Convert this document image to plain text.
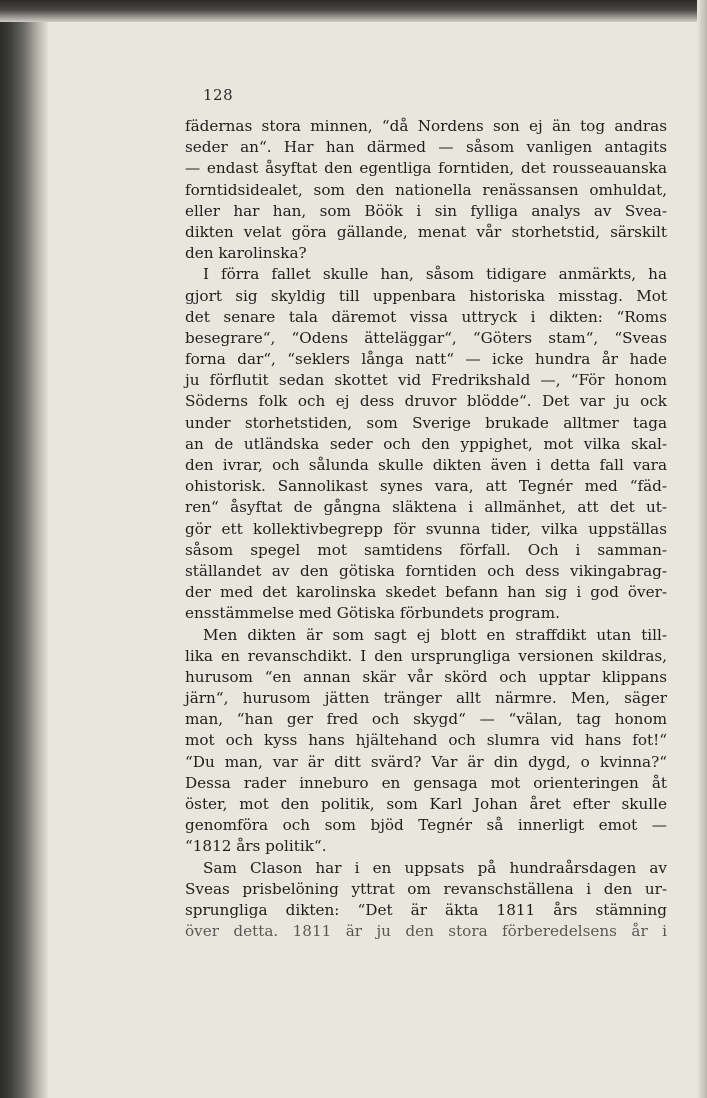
128
fädernas stora minnen, “då Nordens son ej än tog andras
seder an“. Har han därmed — såsom vanligen antagits
— endast åsyftat den egentliga forntiden, det rousseauanska
forntidsidealet, som den nationella renässansen omhuldat,
eller har han, som Böök i sin fylliga analys av Svea-
dikten velat göra gällande, menat vår storhetstid, särskilt
den karolinska?
I förra fallet skulle han, såsom tidigare anmärkts, ha
gjort sig skyldig till uppenbara historiska misstag. Mot
det senare tala däremot vissa uttryck i dikten: “Roms
besegrare“, “Odens ätteläggar“, “Göters stam“, “Sveas
forna dar“, “seklers långa natt“ — icke hundra år hade
ju förflutit sedan skottet vid Fredrikshald —, “För honom
Söderns folk och ej dess druvor blödde“. Det var ju ock
under storhetstiden, som Sverige brukade alltmer taga
an de utländska seder och den yppighet, mot vilka skal-
den ivrar, och sålunda skulle dikten även i detta fall vara
ohistorisk. Sannolikast synes vara, att Tegnér med “fäd-
ren“ åsyftat de gångna släktena i allmänhet, att det ut-
gör ett kollektivbegrepp för svunna tider, vilka uppställas
såsom spegel mot samtidens förfall. Och i samman-
ställandet av den götiska forntiden och dess vikingabrag-
der med det karolinska skedet befann han sig i god över-
ensstämmelse med Götiska förbundets program.
Men dikten är som sagt ej blott en straffdikt utan till-
lika en revanschdikt. I den ursprungliga versionen skildras,
hurusom “en annan skär vår skörd och upptar klippans
järn“, hurusom jätten tränger allt närmre. Men, säger
man, “han ger fred och skygd“ — “välan, tag honom
mot och kyss hans hjältehand och slumra vid hans fot!“
“Du man, var är ditt svärd? Var är din dygd, o kvinna?“
Dessa rader inneburo en gensaga mot orienteringen åt
öster, mot den politik, som Karl Johan året efter skulle
genomföra och som bjöd Tegnér så innerligt emot —
“1812 års politik“.
Sam Clason har i en uppsats på hundraårsdagen av
Sveas prisbelöning yttrat om revanschställena i den ur-
sprungliga dikten: “Det är äkta 1811 års stämning
över detta. 1811 är ju den stora förberedelsens år i
